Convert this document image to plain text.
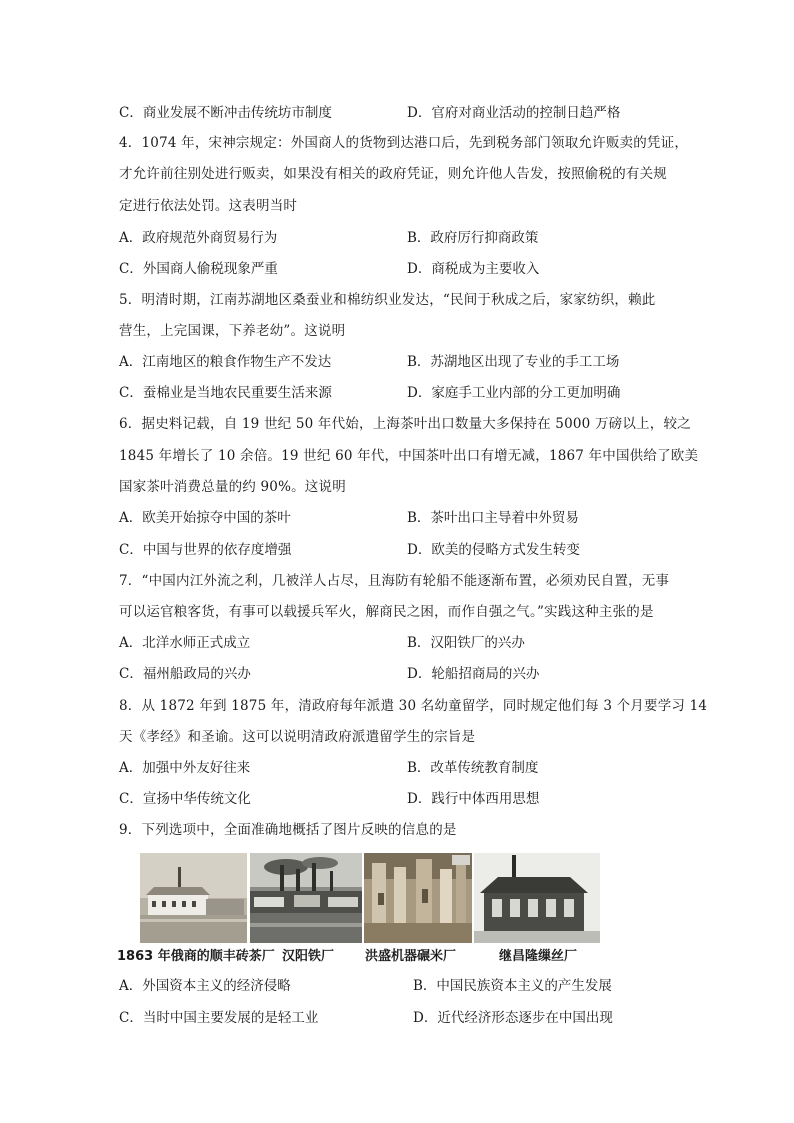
C．商业发展不断冲击传统坊市制度	D．官府对商业活动的控制日趋严格
4．1074 年，宋神宗规定：外国商人的货物到达港口后，先到税务部门领取允许贩卖的凭证，
才允许前往别处进行贩卖，如果没有相关的政府凭证，则允许他人告发，按照偷税的有关规
定进行依法处罚。这表明当时
A．政府规范外商贸易行为	B．政府厉行抑商政策
C．外国商人偷税现象严重	D．商税成为主要收入
5．明清时期，江南苏湖地区桑蚕业和棉纺织业发达，“民间于秋成之后，家家纺织，赖此
营生，上完国课，下养老幼”。这说明
A．江南地区的粮食作物生产不发达	B．苏湖地区出现了专业的手工工场
C．蚕棉业是当地农民重要生活来源	D．家庭手工业内部的分工更加明确
6．据史料记载，自 19 世纪 50 年代始，上海茶叶出口数量大多保持在 5000 万磅以上，较之
1845 年增长了 10 余倍。19 世纪 60 年代，中国茶叶出口有增无减，1867 年中国供给了欧美
国家茶叶消费总量的约 90%。这说明
A．欧美开始掠夺中国的茶叶	B．茶叶出口主导着中外贸易
C．中国与世界的依存度增强	D．欧美的侵略方式发生转变
7．“中国内江外流之利，几被洋人占尽，且海防有轮船不能逐渐布置，必须劝民自置，无事
可以运官粮客货，有事可以载援兵军火，解商民之困，而作自强之气。”实践这种主张的是
A．北洋水师正式成立	B．汉阳铁厂的兴办
C．福州船政局的兴办	D．轮船招商局的兴办
8．从 1872 年到 1875 年，清政府每年派遣 30 名幼童留学，同时规定他们每 3 个月要学习 14
天《孝经》和圣谕。这可以说明清政府派遣留学生的宗旨是
A．加强中外友好往来	B．改革传统教育制度
C．宣扬中华传统文化	D．践行中体西用思想
9．下列选项中，全面准确地概括了图片反映的信息的是
1863 年俄商的顺丰砖茶厂 汉阳铁厂 洪盛机器碾米厂	继昌隆缫丝厂
A．外国资本主义的经济侵略	B．中国民族资本主义的产生发展
C．当时中国主要发展的是轻工业	D．近代经济形态逐步在中国出现
